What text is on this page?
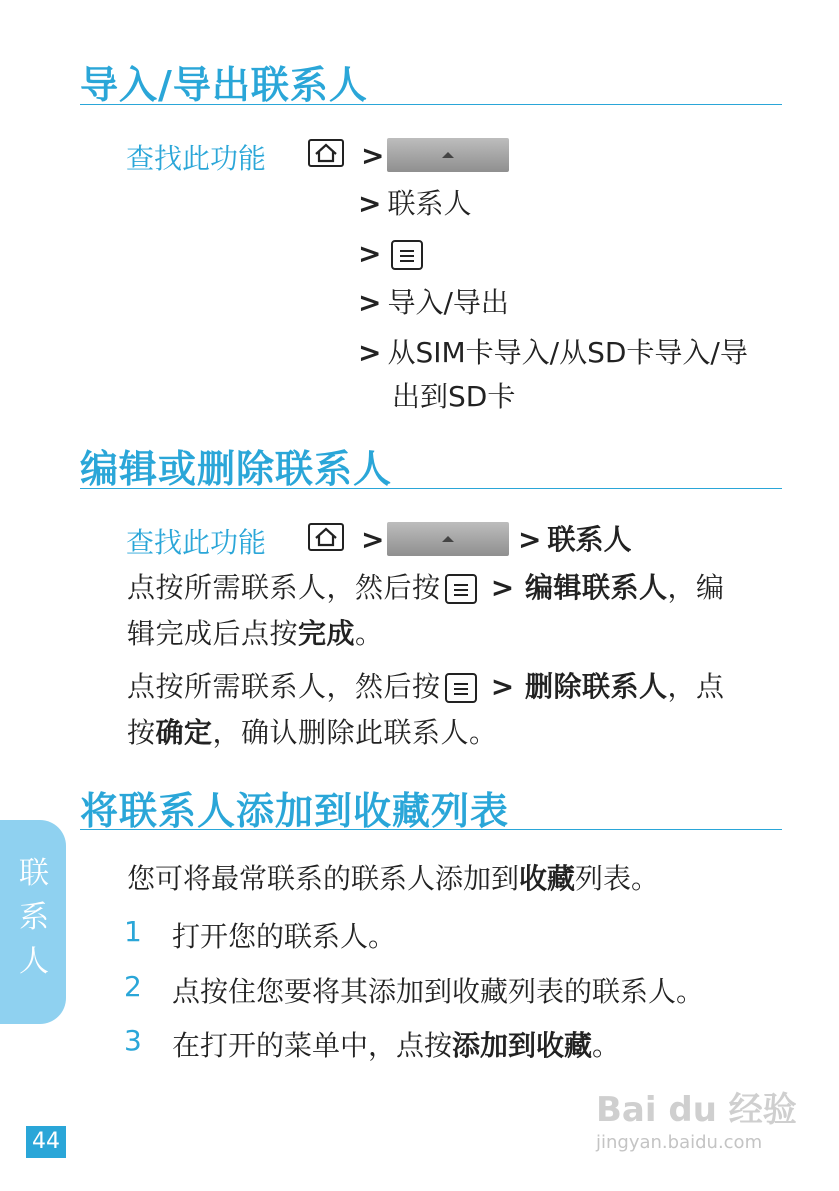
导入/导出联系人
查找此功能	>
> 联系人
>
> 导入/导出
> 从SIM卡导入/从SD卡导入/导
出到SD卡
编辑或删除联系人
查找此功能	>	> 联系人
点按所需联系人，然后按
> 编辑联系人，编
辑完成后点按完成。
点按所需联系人，然后按
> 删除联系人，点
按确定，确认删除此联系人。
将联系人添加到收藏列表
您可将最常联系的联系人添加到收藏列表。
1 打开您的联系人。
2 点按住您要将其添加到收藏列表的联系人。
3 在打开的菜单中，点按添加到收藏。
联系人
44
Bai du 经验
jingyan.baidu.com
